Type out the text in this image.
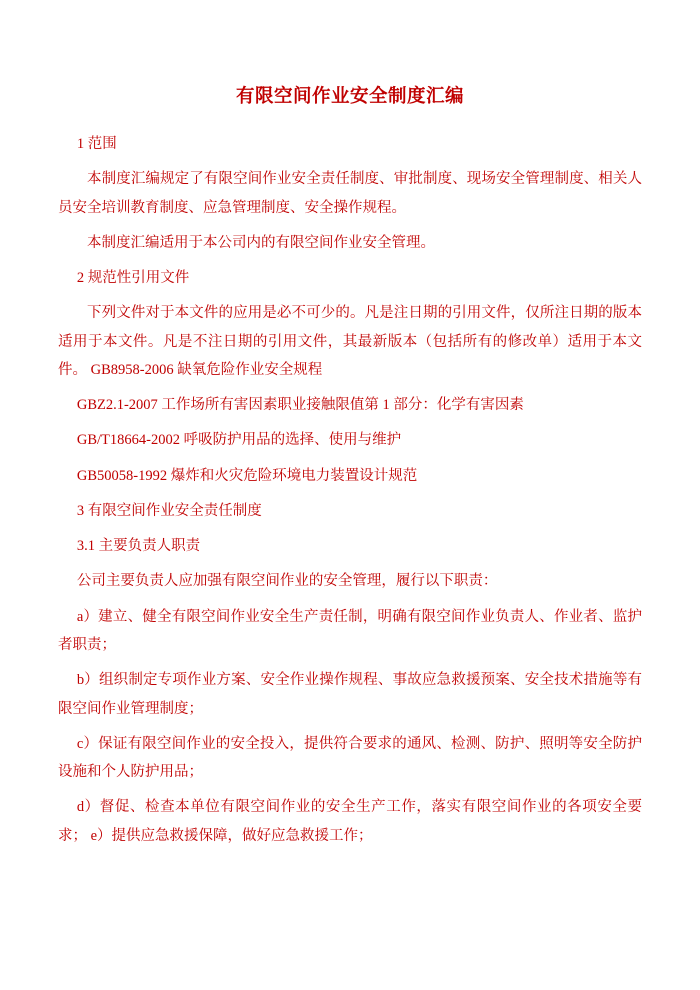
有限空间作业安全制度汇编

1 范围

本制度汇编规定了有限空间作业安全责任制度、审批制度、现场安全管理制度、相关人员安全培训教育制度、应急管理制度、安全操作规程。

本制度汇编适用于本公司内的有限空间作业安全管理。

2 规范性引用文件

下列文件对于本文件的应用是必不可少的。凡是注日期的引用文件，仅所注日期的版本适用于本文件。凡是不注日期的引用文件，其最新版本（包括所有的修改单）适用于本文件。 GB8958-2006 缺氧危险作业安全规程

GBZ2.1-2007 工作场所有害因素职业接触限值第 1 部分：化学有害因素

GB/T18664-2002 呼吸防护用品的选择、使用与维护

GB50058-1992 爆炸和火灾危险环境电力装置设计规范

3 有限空间作业安全责任制度

3.1 主要负责人职责

公司主要负责人应加强有限空间作业的安全管理，履行以下职责：

a）建立、健全有限空间作业安全生产责任制，明确有限空间作业负责人、作业者、监护者职责；

b）组织制定专项作业方案、安全作业操作规程、事故应急救援预案、安全技术措施等有限空间作业管理制度；

c）保证有限空间作业的安全投入，提供符合要求的通风、检测、防护、照明等安全防护设施和个人防护用品；

d）督促、检查本单位有限空间作业的安全生产工作，落实有限空间作业的各项安全要求； e）提供应急救援保障，做好应急救援工作；
